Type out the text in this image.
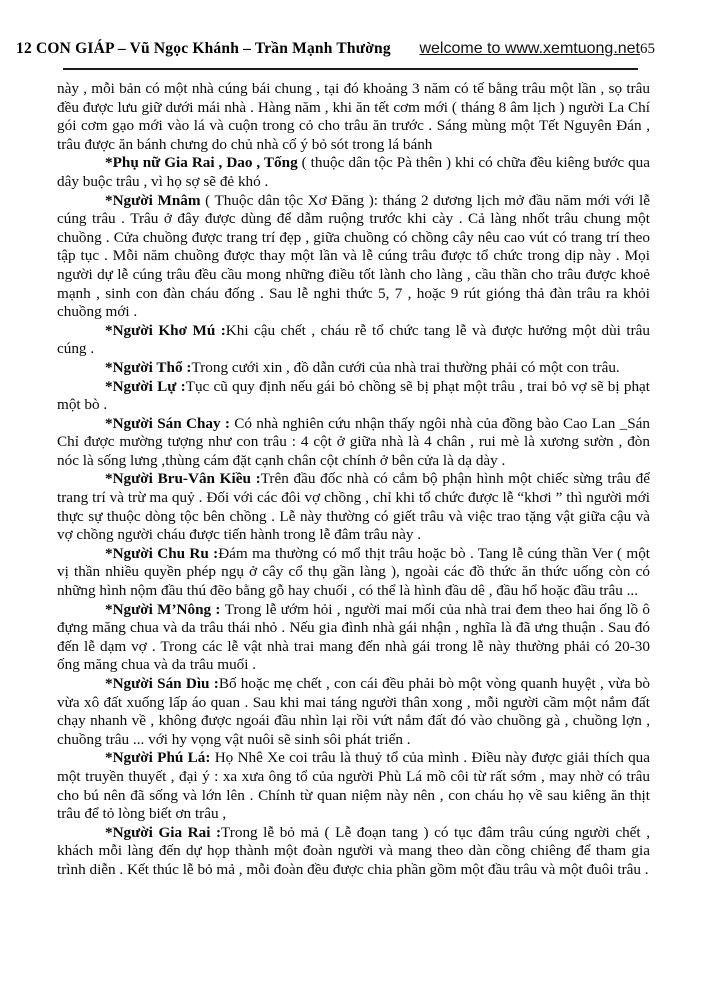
12 CON GIÁP – Vũ Ngọc Khánh – Trần Mạnh Thường welcome to www.xemtuong.net65

này , mỗi bản có một nhà cúng bái chung , tại đó khoảng 3 năm có tế bằng trâu một lần , sọ trâu đều được lưu giữ dưới mái nhà . Hàng năm , khi ăn tết cơm mới ( tháng 8 âm lịch ) người La Chí gói cơm gạo mới vào lá và cuộn trong cỏ cho trâu ăn trước . Sáng mùng một Tết Nguyên Đán , trâu được ăn bánh chưng do chủ nhà cố ý bỏ sót trong lá bánh

*Phụ nữ Gia Rai , Dao , Tống ( thuộc dân tộc Pà thên ) khi có chữa đều kiêng bước qua dây buộc trâu , vì họ sợ sẽ đẻ khó .

*Người Mnâm ( Thuộc dân tộc Xơ Đăng ): tháng 2 dương lịch mở đầu năm mới với lễ cúng trâu . Trâu ở đây được dùng để dẫm ruộng trước khi cày . Cả làng nhốt trâu chung một chuồng . Cửa chuồng được trang trí đẹp , giữa chuồng có chồng cây nêu cao vút có trang trí theo tập tục . Mỗi năm chuồng được thay một lần và lễ cúng trâu được tổ chức trong dịp này . Mọi người dự lễ cúng trâu đều cầu mong những điều tốt lành cho làng , cầu thần cho trâu được khoẻ mạnh , sinh con đàn cháu đống . Sau lễ nghi thức 5, 7 , hoặc 9 rút gióng thả đàn trâu ra khỏi chuồng mới .

*Người Khơ Mú :Khi cậu chết , cháu rễ tổ chức tang lễ và được hưởng một dùi trâu cúng .

*Người Thổ :Trong cưới xin , đồ dẫn cưới của nhà trai thường phải có một con trâu.

*Người Lự :Tục cũ quy định nếu gái bỏ chồng sẽ bị phạt một trâu , trai bỏ vợ sẽ bị phạt một bò .

*Người Sán Chay : Có nhà nghiên cứu nhận thấy ngôi nhà của đồng bào Cao Lan _Sán Chỉ được mường tượng như con trâu : 4 cột ở giữa nhà là 4 chân , rui mè là xương sườn , đòn nóc là sống lưng ,thùng cám đặt cạnh chân cột chính ở bên cửa là dạ dày .

*Người Bru-Vân Kiều :Trên đầu đốc nhà có cắm bộ phận hình một chiếc sừng trâu để trang trí và trừ ma quỷ . Đối với các đôi vợ chồng , chỉ khi tổ chức được lễ “khơi ” thì người mới thực sự thuộc dòng tộc bên chồng . Lễ này thường có giết trâu và việc trao tặng vật giữa cậu và vợ chồng người cháu được tiến hành trong lễ đâm trâu này .

*Người Chu Ru :Đám ma thường có mổ thịt trâu hoặc bò . Tang lễ cúng thần Ver ( một vị thần nhiều quyền phép ngụ ở cây cổ thụ gần làng ), ngoài các đồ thức ăn thức uống còn có những hình nộm đầu thú đẽo bằng gỗ hay chuối , có thể là hình đầu dê , đầu hổ hoặc đầu trâu ...

*Người M’Nông : Trong lễ ướm hỏi , người mai mối của nhà trai đem theo hai ống lồ ô đựng măng chua và da trâu thái nhỏ . Nếu gia đình nhà gái nhận , nghĩa là đã ưng thuận . Sau đó đến lễ dạm vợ . Trong các lễ vật nhà trai mang đến nhà gái trong lễ này thường phải có 20-30 ống măng chua và da trâu muối .

*Người Sán Dìu :Bố hoặc mẹ chết , con cái đều phải bò một vòng quanh huyệt , vừa bò vừa xô đất xuống lấp áo quan . Sau khi mai táng người thân xong , mỗi người cầm một nắm đất chạy nhanh về , không được ngoái đầu nhìn lại rồi vứt nắm đất đó vào chuồng gà , chuồng lợn , chuồng trâu ... với hy vọng vật nuôi sẽ sinh sôi phát triển .

*Người Phú Lá: Họ Nhê Xe coi trâu là thuỷ tổ của mình . Điều này được giải thích qua một truyền thuyết , đại ý : xa xưa ông tổ của người Phù Lá mồ côi từ rất sớm , may nhờ có trâu cho bú nên đã sống và lớn lên . Chính từ quan niệm này nên , con cháu họ về sau kiêng ăn thịt trâu để tỏ lòng biết ơn trâu ,

*Người Gia Rai :Trong lễ bỏ mả ( Lễ đoạn tang ) có tục đâm trâu cúng người chết , khách mỗi làng đến dự họp thành một đoàn người và mang theo dàn cồng chiêng để tham gia trình diễn . Kết thúc lễ bỏ mả , mỗi đoàn đều được chia phần gồm một đầu trâu và một đuôi trâu .
